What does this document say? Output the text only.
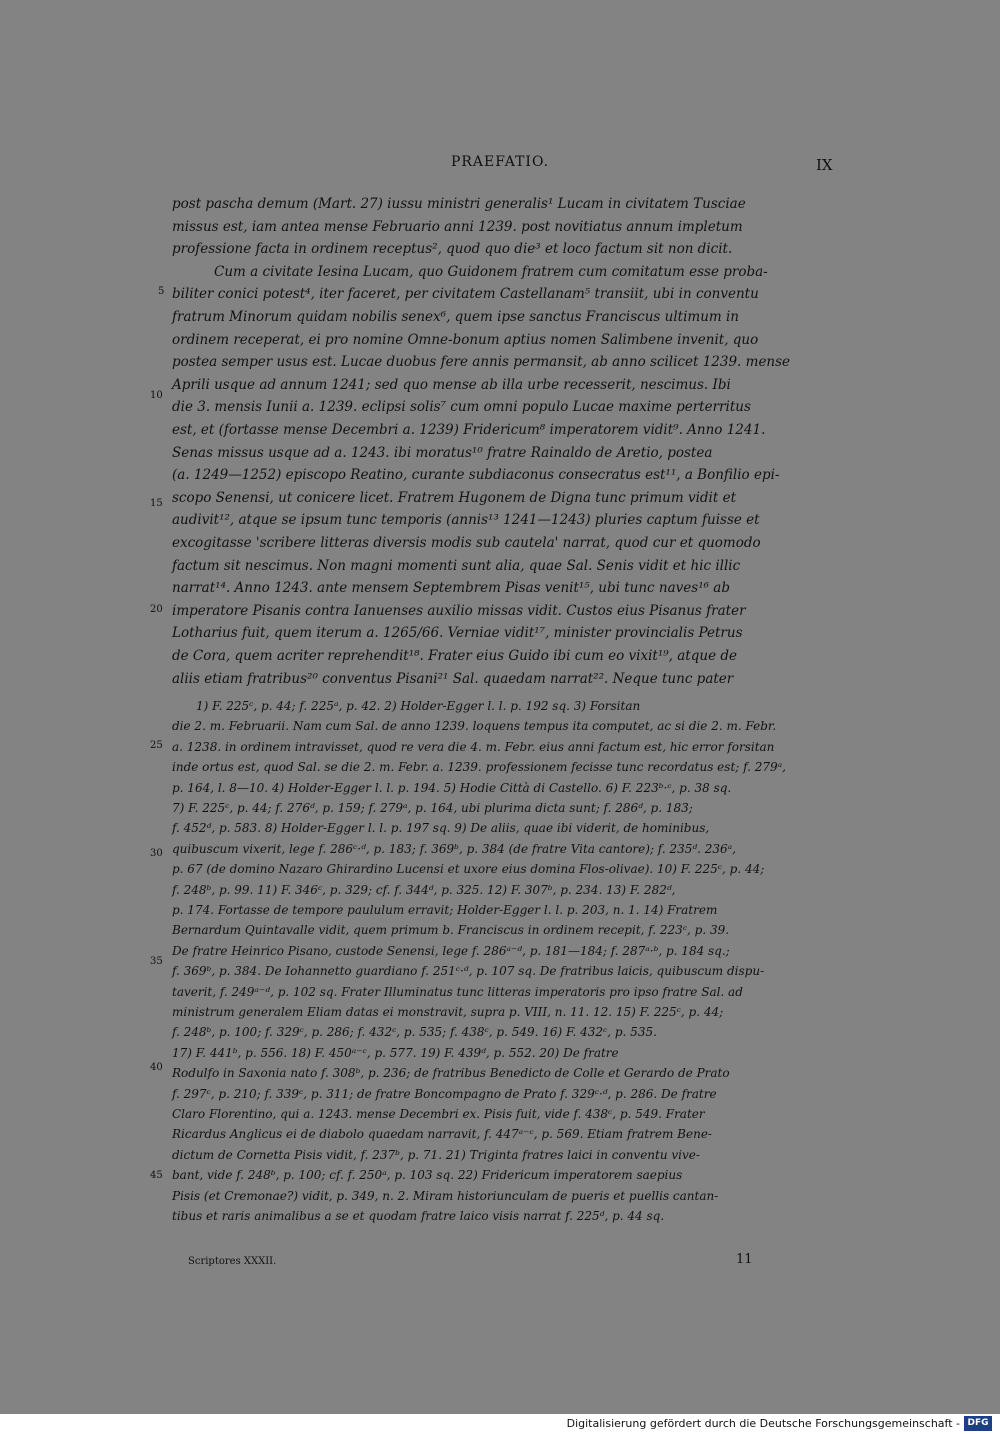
PRAEFATIO.	IX
post pascha demum (Mart. 27) iussu ministri generalis¹ Lucam in civitatem Tusciae
missus est, iam antea mense Februario anni 1239. post novitiatus annum impletum
professione facta in ordinem receptus², quod quo die³ et loco factum sit non dicit.
Cum a civitate Iesina Lucam, quo Guidonem fratrem cum comitatum esse proba-
biliter conici potest⁴, iter faceret, per civitatem Castellanam⁵ transiit, ubi in conventu
fratrum Minorum quidam nobilis senex⁶, quem ipse sanctus Franciscus ultimum in
ordinem receperat, ei pro nomine Omne-bonum aptius nomen Salimbene invenit, quo
postea semper usus est. Lucae duobus fere annis permansit, ab anno scilicet 1239. mense
Aprili usque ad annum 1241; sed quo mense ab illa urbe recesserit, nescimus. Ibi
die 3. mensis Iunii a. 1239. eclipsi solis⁷ cum omni populo Lucae maxime perterritus
est, et (fortasse mense Decembri a. 1239) Fridericum⁸ imperatorem vidit⁹. Anno 1241.
Senas missus usque ad a. 1243. ibi moratus¹⁰ fratre Rainaldo de Aretio, postea
(a. 1249—1252) episcopo Reatino, curante subdiaconus consecratus est¹¹, a Bonfilio epi-
scopo Senensi, ut conicere licet. Fratrem Hugonem de Digna tunc primum vidit et
audivit¹², atque se ipsum tunc temporis (annis¹³ 1241—1243) pluries captum fuisse et
excogitasse 'scribere litteras diversis modis sub cautela' narrat, quod cur et quomodo
factum sit nescimus. Non magni momenti sunt alia, quae Sal. Senis vidit et hic illic
narrat¹⁴. Anno 1243. ante mensem Septembrem Pisas venit¹⁵, ubi tunc naves¹⁶ ab
imperatore Pisanis contra Ianuenses auxilio missas vidit. Custos eius Pisanus frater
Lotharius fuit, quem iterum a. 1265/66. Verniae vidit¹⁷, minister provincialis Petrus
de Cora, quem acriter reprehendit¹⁸. Frater eius Guido ibi cum eo vixit¹⁹, atque de
aliis etiam fratribus²⁰ conventus Pisani²¹ Sal. quaedam narrat²². Neque tunc pater
1) F. 225ᶜ, p. 44; f. 225ᵃ, p. 42. 2) Holder-Egger l. l. p. 192 sq. 3) Forsitan
die 2. m. Februarii. Nam cum Sal. de anno 1239. loquens tempus ita computet, ac si die 2. m. Febr.
a. 1238. in ordinem intravisset, quod re vera die 4. m. Febr. eius anni factum est, hic error forsitan
inde ortus est, quod Sal. se die 2. m. Febr. a. 1239. professionem fecisse tunc recordatus est; f. 279ᵃ,
p. 164, l. 8—10. 4) Holder-Egger l. l. p. 194. 5) Hodie Città di Castello. 6) F. 223ᵇ·ᶜ, p. 38 sq.
7) F. 225ᶜ, p. 44; f. 276ᵈ, p. 159; f. 279ᵃ, p. 164, ubi plurima dicta sunt; f. 286ᵈ, p. 183;
f. 452ᵈ, p. 583. 8) Holder-Egger l. l. p. 197 sq. 9) De aliis, quae ibi viderit, de hominibus,
quibuscum vixerit, lege f. 286ᶜ·ᵈ, p. 183; f. 369ᵇ, p. 384 (de fratre Vita cantore); f. 235ᵈ. 236ᵃ,
p. 67 (de domino Nazaro Ghirardino Lucensi et uxore eius domina Flos-olivae). 10) F. 225ᶜ, p. 44;
f. 248ᵇ, p. 99. 11) F. 346ᶜ, p. 329; cf. f. 344ᵈ, p. 325. 12) F. 307ᵇ, p. 234. 13) F. 282ᵈ,
p. 174. Fortasse de tempore paululum erravit; Holder-Egger l. l. p. 203, n. 1. 14) Fratrem
Bernardum Quintavalle vidit, quem primum b. Franciscus in ordinem recepit, f. 223ᶜ, p. 39.
De fratre Heinrico Pisano, custode Senensi, lege f. 286ᵃ⁻ᵈ, p. 181—184; f. 287ᵃ·ᵇ, p. 184 sq.;
f. 369ᵇ, p. 384. De Iohannetto guardiano f. 251ᶜ·ᵈ, p. 107 sq. De fratribus laicis, quibuscum dispu-
taverit, f. 249ᵃ⁻ᵈ, p. 102 sq. Frater Illuminatus tunc litteras imperatoris pro ipso fratre Sal. ad
ministrum generalem Eliam datas ei monstravit, supra p. VIII, n. 11. 12. 15) F. 225ᶜ, p. 44;
f. 248ᵇ, p. 100; f. 329ᶜ, p. 286; f. 432ᶜ, p. 535; f. 438ᶜ, p. 549. 16) F. 432ᶜ, p. 535.
17) F. 441ᵇ, p. 556. 18) F. 450ᵃ⁻ᶜ, p. 577. 19) F. 439ᵈ, p. 552. 20) De fratre
Rodulfo in Saxonia nato f. 308ᵇ, p. 236; de fratribus Benedicto de Colle et Gerardo de Prato
f. 297ᶜ, p. 210; f. 339ᶜ, p. 311; de fratre Boncompagno de Prato f. 329ᶜ·ᵈ, p. 286. De fratre
Claro Florentino, qui a. 1243. mense Decembri ex. Pisis fuit, vide f. 438ᶜ, p. 549. Frater
Ricardus Anglicus ei de diabolo quaedam narravit, f. 447ᵃ⁻ᶜ, p. 569. Etiam fratrem Bene-
dictum de Cornetta Pisis vidit, f. 237ᵇ, p. 71. 21) Triginta fratres laici in conventu vive-
bant, vide f. 248ᵇ, p. 100; cf. f. 250ᵃ, p. 103 sq. 22) Fridericum imperatorem saepius
Pisis (et Cremonae?) vidit, p. 349, n. 2. Miram historiunculam de pueris et puellis cantan-
tibus et raris animalibus a se et quodam fratre laico visis narrat f. 225ᵈ, p. 44 sq.
5
10
15
20
25
30
35
40
45
Scriptores XXXII.	11
Digitalisierung gefördert durch die Deutsche Forschungsgemeinschaft - DFG
